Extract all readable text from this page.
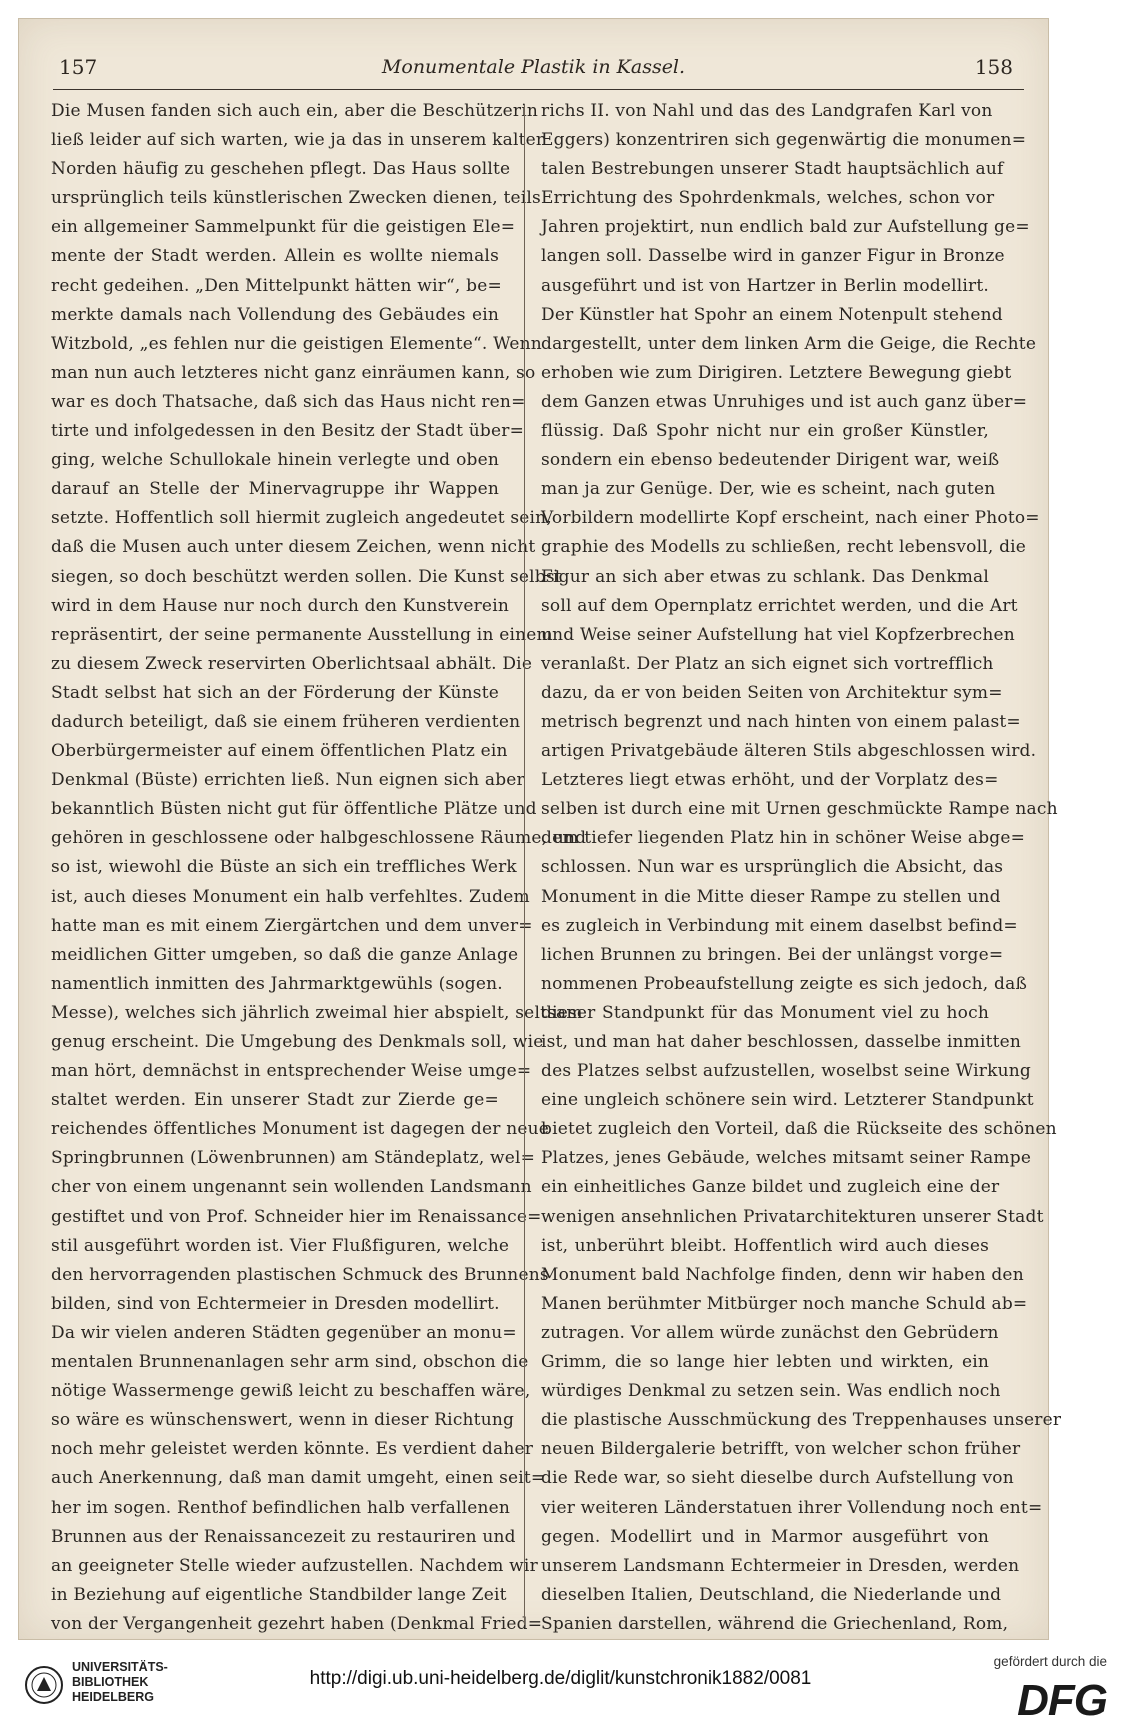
157	Monumentale Plastik in Kassel.	158
Die Musen fanden sich auch ein, aber die Beschützerin
ließ leider auf sich warten, wie ja das in unserem kalten
Norden häufig zu geschehen pflegt. Das Haus sollte
ursprünglich teils künstlerischen Zwecken dienen, teils
ein allgemeiner Sammelpunkt für die geistigen Ele=
mente der Stadt werden. Allein es wollte niemals
recht gedeihen. „Den Mittelpunkt hätten wir“, be=
merkte damals nach Vollendung des Gebäudes ein
Witzbold, „es fehlen nur die geistigen Elemente“. Wenn
man nun auch letzteres nicht ganz einräumen kann, so
war es doch Thatsache, daß sich das Haus nicht ren=
tirte und infolgedessen in den Besitz der Stadt über=
ging, welche Schullokale hinein verlegte und oben
darauf an Stelle der Minervagruppe ihr Wappen
setzte. Hoffentlich soll hiermit zugleich angedeutet sein,
daß die Musen auch unter diesem Zeichen, wenn nicht
siegen, so doch beschützt werden sollen. Die Kunst selbst
wird in dem Hause nur noch durch den Kunstverein
repräsentirt, der seine permanente Ausstellung in einem
zu diesem Zweck reservirten Oberlichtsaal abhält. Die
Stadt selbst hat sich an der Förderung der Künste
dadurch beteiligt, daß sie einem früheren verdienten
Oberbürgermeister auf einem öffentlichen Platz ein
Denkmal (Büste) errichten ließ. Nun eignen sich aber
bekanntlich Büsten nicht gut für öffentliche Plätze und
gehören in geschlossene oder halbgeschlossene Räume, und
so ist, wiewohl die Büste an sich ein treffliches Werk
ist, auch dieses Monument ein halb verfehltes. Zudem
hatte man es mit einem Ziergärtchen und dem unver=
meidlichen Gitter umgeben, so daß die ganze Anlage
namentlich inmitten des Jahrmarktgewühls (sogen.
Messe), welches sich jährlich zweimal hier abspielt, seltsam
genug erscheint. Die Umgebung des Denkmals soll, wie
man hört, demnächst in entsprechender Weise umge=
staltet werden. Ein unserer Stadt zur Zierde ge=
reichendes öffentliches Monument ist dagegen der neue
Springbrunnen (Löwenbrunnen) am Ständeplatz, wel=
cher von einem ungenannt sein wollenden Landsmann
gestiftet und von Prof. Schneider hier im Renaissance=
stil ausgeführt worden ist. Vier Flußfiguren, welche
den hervorragenden plastischen Schmuck des Brunnens
bilden, sind von Echtermeier in Dresden modellirt.
Da wir vielen anderen Städten gegenüber an monu=
mentalen Brunnenanlagen sehr arm sind, obschon die
nötige Wassermenge gewiß leicht zu beschaffen wäre,
so wäre es wünschenswert, wenn in dieser Richtung
noch mehr geleistet werden könnte. Es verdient daher
auch Anerkennung, daß man damit umgeht, einen seit=
her im sogen. Renthof befindlichen halb verfallenen
Brunnen aus der Renaissancezeit zu restauriren und
an geeigneter Stelle wieder aufzustellen. Nachdem wir
in Beziehung auf eigentliche Standbilder lange Zeit
von der Vergangenheit gezehrt haben (Denkmal Fried=
richs II. von Nahl und das des Landgrafen Karl von
Eggers) konzentriren sich gegenwärtig die monumen=
talen Bestrebungen unserer Stadt hauptsächlich auf
Errichtung des Spohrdenkmals, welches, schon vor
Jahren projektirt, nun endlich bald zur Aufstellung ge=
langen soll. Dasselbe wird in ganzer Figur in Bronze
ausgeführt und ist von Hartzer in Berlin modellirt.
Der Künstler hat Spohr an einem Notenpult stehend
dargestellt, unter dem linken Arm die Geige, die Rechte
erhoben wie zum Dirigiren. Letztere Bewegung giebt
dem Ganzen etwas Unruhiges und ist auch ganz über=
flüssig. Daß Spohr nicht nur ein großer Künstler,
sondern ein ebenso bedeutender Dirigent war, weiß
man ja zur Genüge. Der, wie es scheint, nach guten
Vorbildern modellirte Kopf erscheint, nach einer Photo=
graphie des Modells zu schließen, recht lebensvoll, die
Figur an sich aber etwas zu schlank. Das Denkmal
soll auf dem Opernplatz errichtet werden, und die Art
und Weise seiner Aufstellung hat viel Kopfzerbrechen
veranlaßt. Der Platz an sich eignet sich vortrefflich
dazu, da er von beiden Seiten von Architektur sym=
metrisch begrenzt und nach hinten von einem palast=
artigen Privatgebäude älteren Stils abgeschlossen wird.
Letzteres liegt etwas erhöht, und der Vorplatz des=
selben ist durch eine mit Urnen geschmückte Rampe nach
dem tiefer liegenden Platz hin in schöner Weise abge=
schlossen. Nun war es ursprünglich die Absicht, das
Monument in die Mitte dieser Rampe zu stellen und
es zugleich in Verbindung mit einem daselbst befind=
lichen Brunnen zu bringen. Bei der unlängst vorge=
nommenen Probeaufstellung zeigte es sich jedoch, daß
dieser Standpunkt für das Monument viel zu hoch
ist, und man hat daher beschlossen, dasselbe inmitten
des Platzes selbst aufzustellen, woselbst seine Wirkung
eine ungleich schönere sein wird. Letzterer Standpunkt
bietet zugleich den Vorteil, daß die Rückseite des schönen
Platzes, jenes Gebäude, welches mitsamt seiner Rampe
ein einheitliches Ganze bildet und zugleich eine der
wenigen ansehnlichen Privatarchitekturen unserer Stadt
ist, unberührt bleibt. Hoffentlich wird auch dieses
Monument bald Nachfolge finden, denn wir haben den
Manen berühmter Mitbürger noch manche Schuld ab=
zutragen. Vor allem würde zunächst den Gebrüdern
Grimm, die so lange hier lebten und wirkten, ein
würdiges Denkmal zu setzen sein. Was endlich noch
die plastische Ausschmückung des Treppenhauses unserer
neuen Bildergalerie betrifft, von welcher schon früher
die Rede war, so sieht dieselbe durch Aufstellung von
vier weiteren Länderstatuen ihrer Vollendung noch ent=
gegen. Modellirt und in Marmor ausgeführt von
unserem Landsmann Echtermeier in Dresden, werden
dieselben Italien, Deutschland, die Niederlande und
Spanien darstellen, während die Griechenland, Rom,
UNIVERSITÄTS-
BIBLIOTHEK
HEIDELBERG
http://digi.ub.uni-heidelberg.de/diglit/kunstchronik1882/0081
gefördert durch die
DFG
